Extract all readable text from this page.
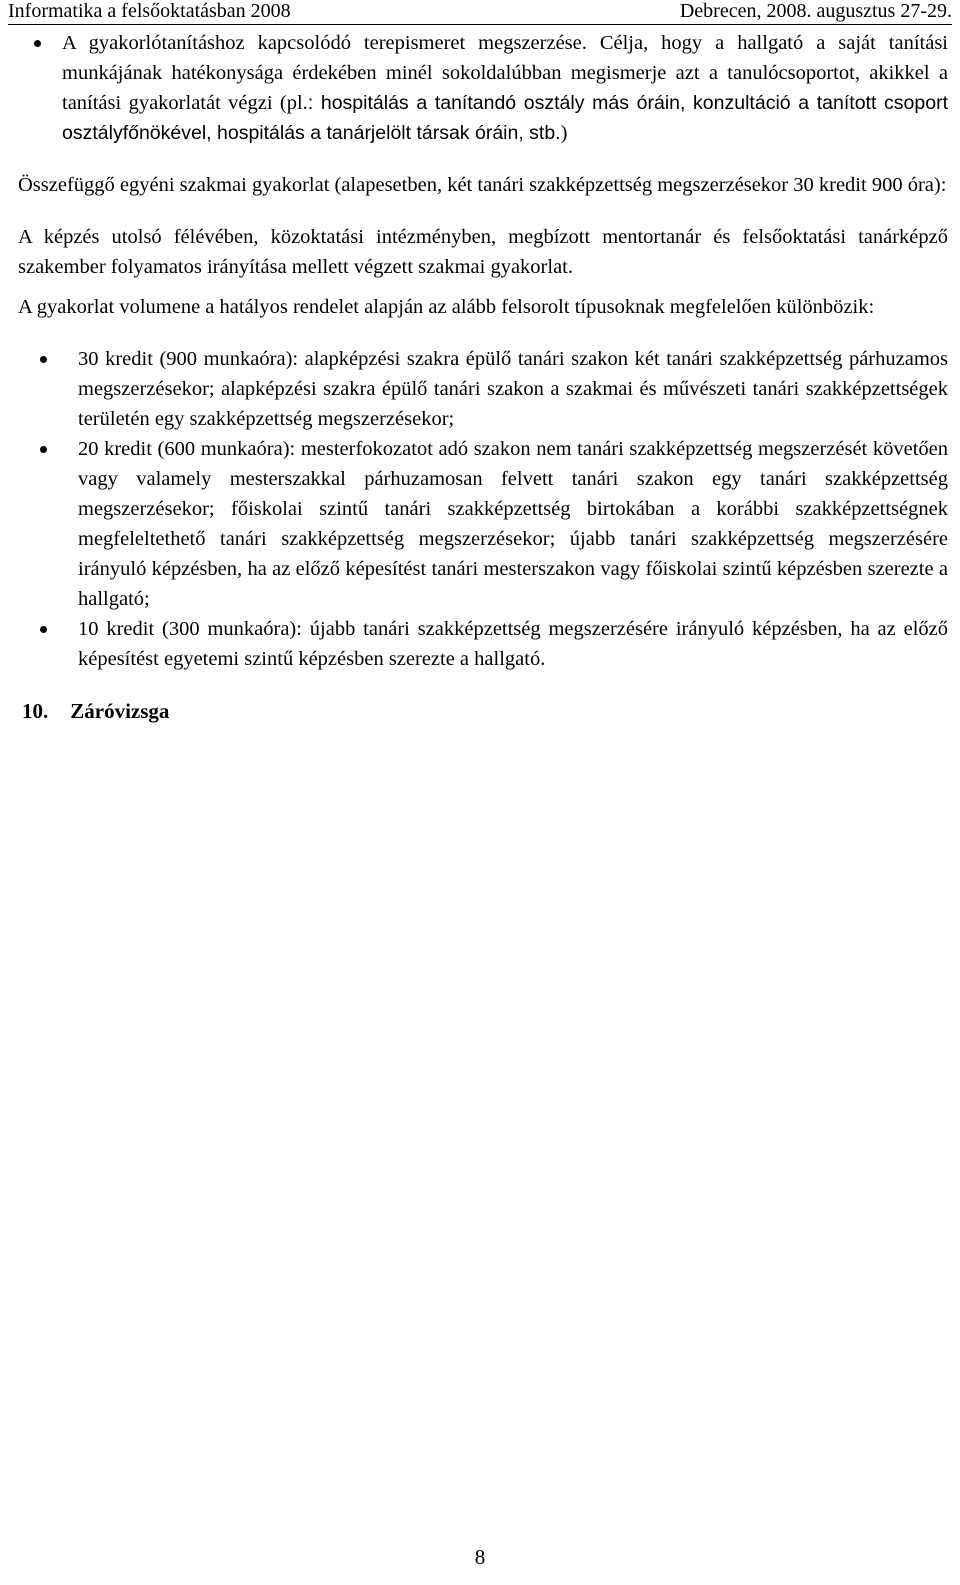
Informatika a felsőoktatásban 2008	Debrecen, 2008. augusztus 27-29.
A gyakorlótanításhoz kapcsolódó terepismeret megszerzése. Célja, hogy a hallgató a saját tanítási munkájának hatékonysága érdekében minél sokoldalúbban megismerje azt a tanulócsoportot, akikkel a tanítási gyakorlatát végzi (pl.: hospitálás a tanítandó osztály más óráin, konzultáció a tanított csoport osztályfőnökével, hospitálás a tanárjelölt társak óráin, stb.)

Összefüggő egyéni szakmai gyakorlat (alapesetben, két tanári szakképzettség megszerzésekor 30 kredit 900 óra):

A képzés utolsó félévében, közoktatási intézményben, megbízott mentortanár és felsőoktatási tanárképző szakember folyamatos irányítása mellett végzett szakmai gyakorlat.

A gyakorlat volumene a hatályos rendelet alapján az alább felsorolt típusoknak megfelelően különbözik:

30 kredit (900 munkaóra): alapképzési szakra épülő tanári szakon két tanári szakképzettség párhuzamos megszerzésekor; alapképzési szakra épülő tanári szakon a szakmai és művészeti tanári szakképzettségek területén egy szakképzettség megszerzésekor;
20 kredit (600 munkaóra): mesterfokozatot adó szakon nem tanári szakképzettség megszerzését követően vagy valamely mesterszakkal párhuzamosan felvett tanári szakon egy tanári szakképzettség megszerzésekor; főiskolai szintű tanári szakképzettség birtokában a korábbi szakképzettségnek megfeleltethető tanári szakképzettség megszerzésekor; újabb tanári szakképzettség megszerzésére irányuló képzésben, ha az előző képesítést tanári mesterszakon vagy főiskolai szintű képzésben szerezte a hallgató;
10 kredit (300 munkaóra): újabb tanári szakképzettség megszerzésére irányuló képzésben, ha az előző képesítést egyetemi szintű képzésben szerezte a hallgató.
10. Záróvizsga
8
